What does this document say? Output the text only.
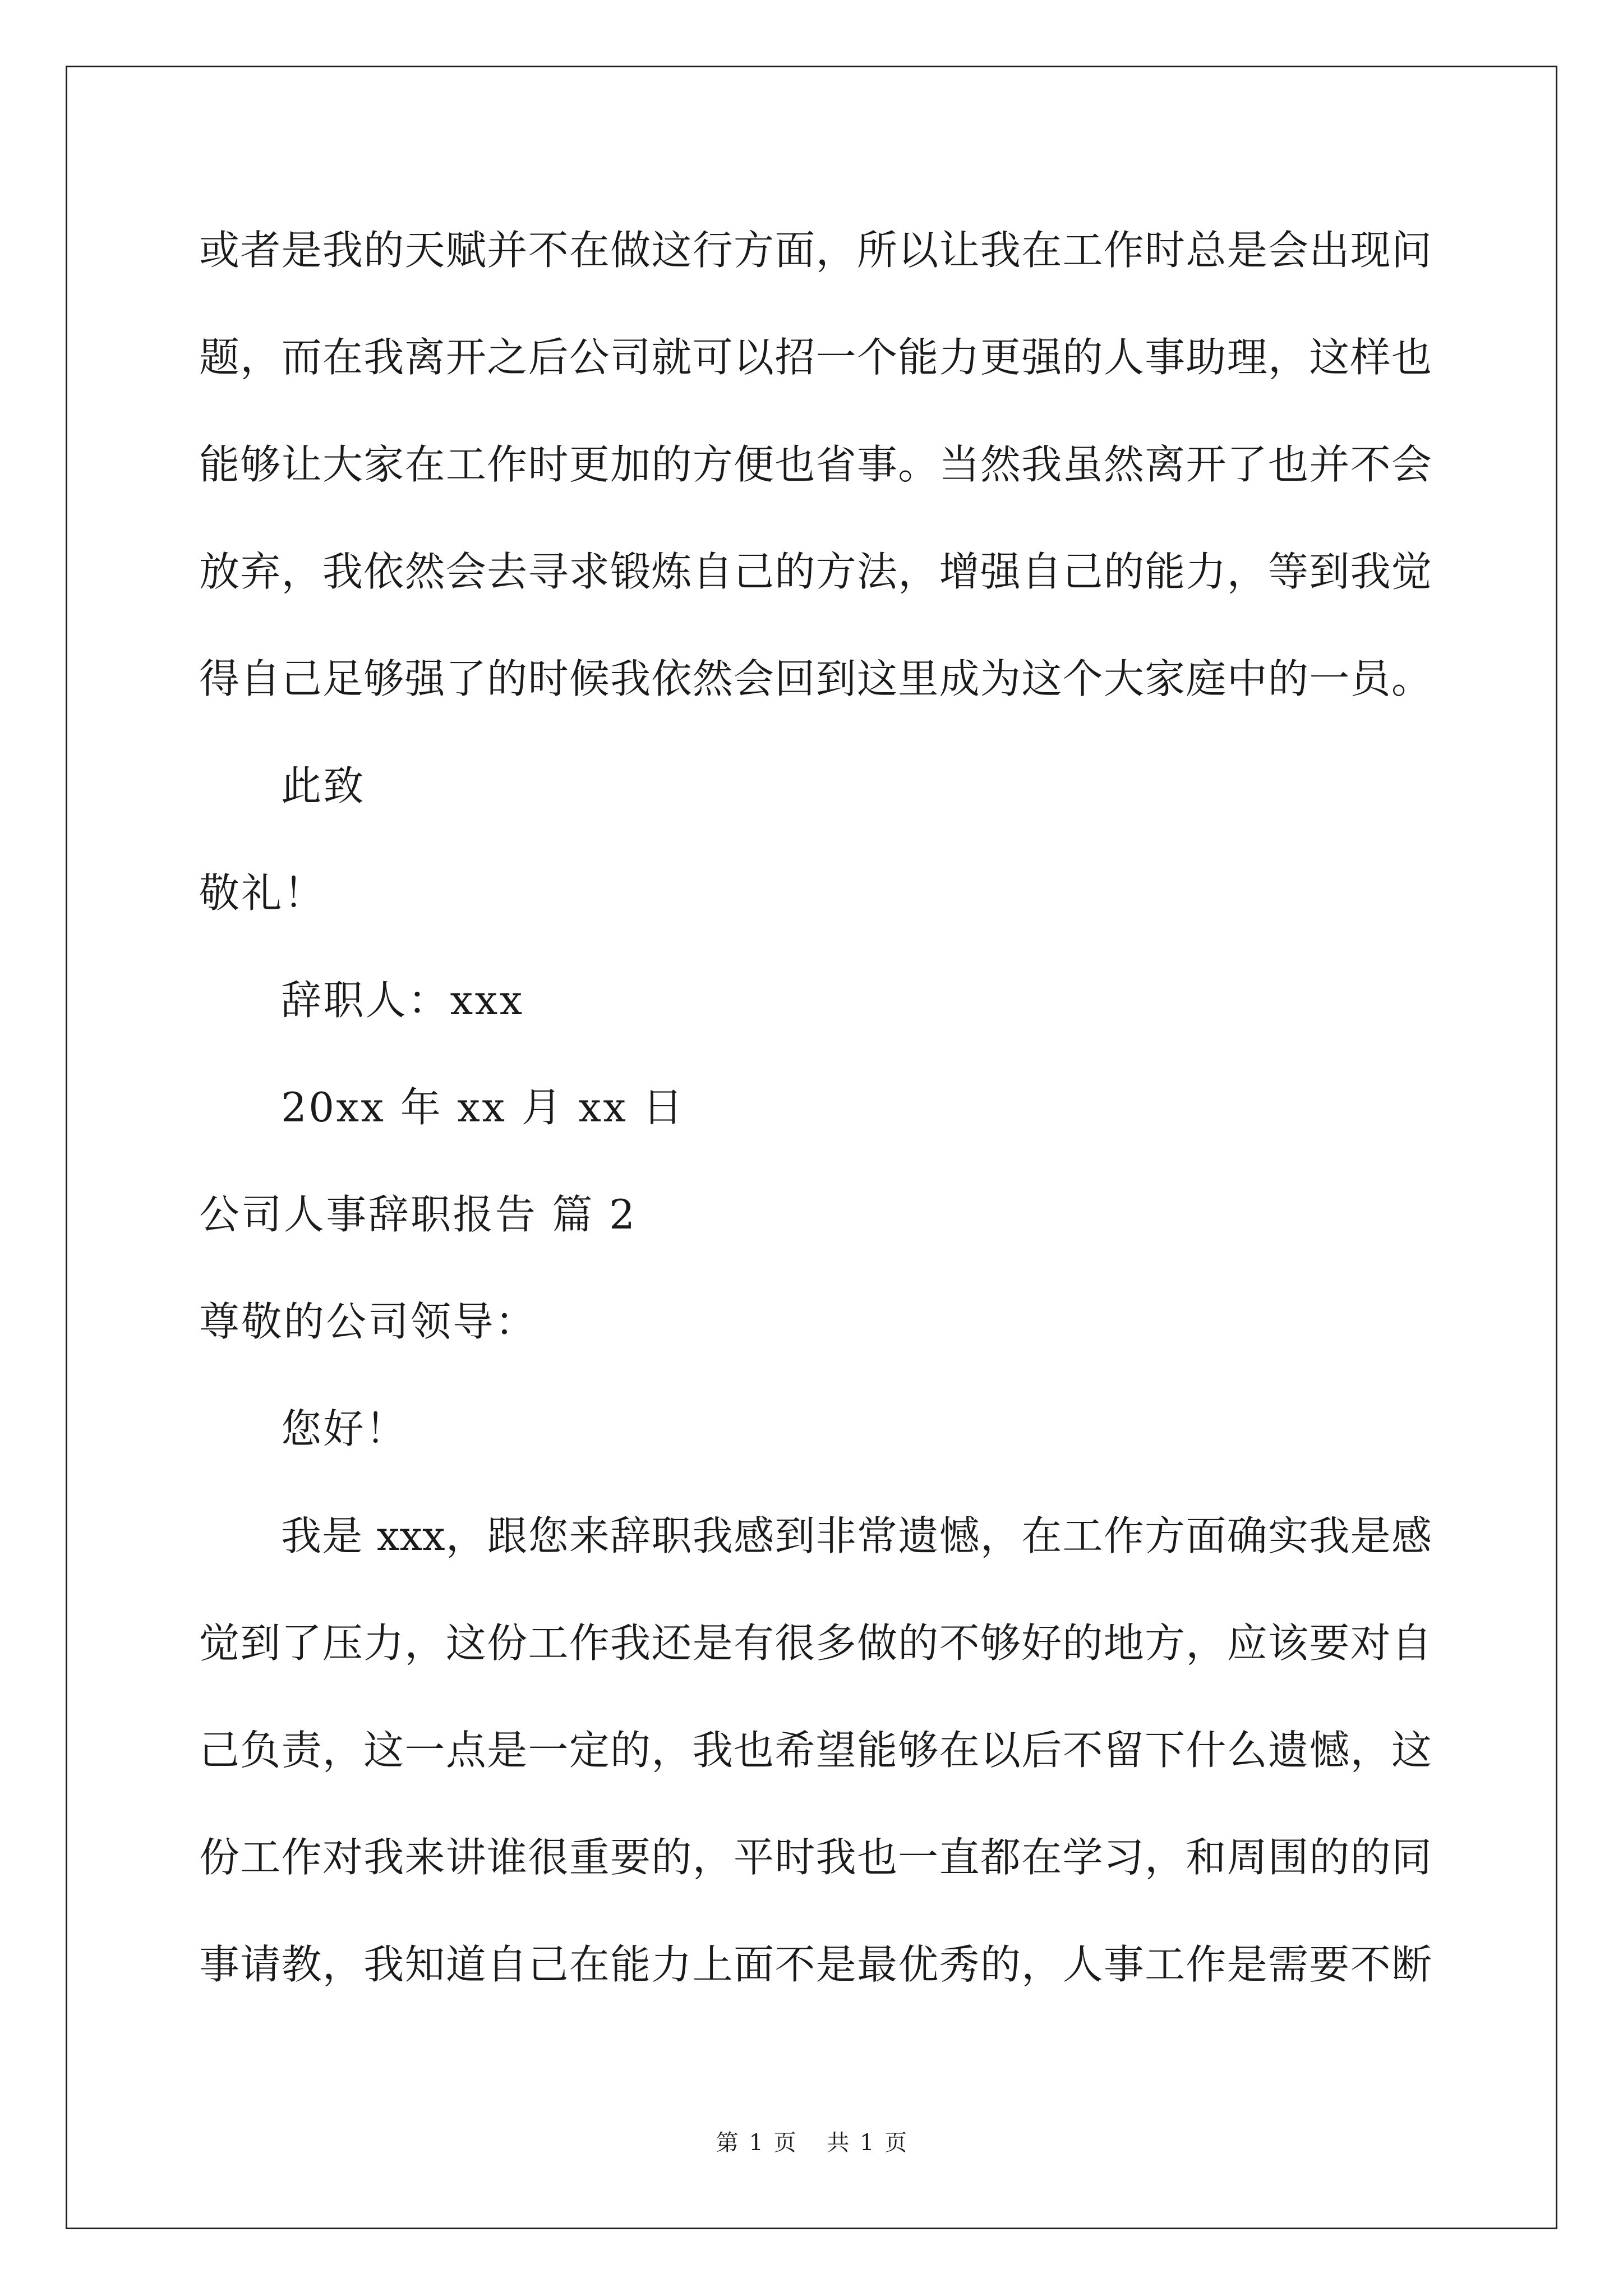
或者是我的天赋并不在做这行方面，所以让我在工作时总是会出现问
题，而在我离开之后公司就可以招一个能力更强的人事助理，这样也
能够让大家在工作时更加的方便也省事。当然我虽然离开了也并不会
放弃，我依然会去寻求锻炼自己的方法，增强自己的能力，等到我觉
得自己足够强了的时候我依然会回到这里成为这个大家庭中的一员。
此致
敬礼！
辞职人：xxx
20xx 年 xx 月 xx 日
公司人事辞职报告 篇 2
尊敬的公司领导：
您好！
我是 xxx，跟您来辞职我感到非常遗憾，在工作方面确实我是感
觉到了压力，这份工作我还是有很多做的不够好的地方，应该要对自
己负责，这一点是一定的，我也希望能够在以后不留下什么遗憾，这
份工作对我来讲谁很重要的，平时我也一直都在学习，和周围的的同
事请教，我知道自己在能力上面不是最优秀的，人事工作是需要不断
第 1 页 共 1 页
